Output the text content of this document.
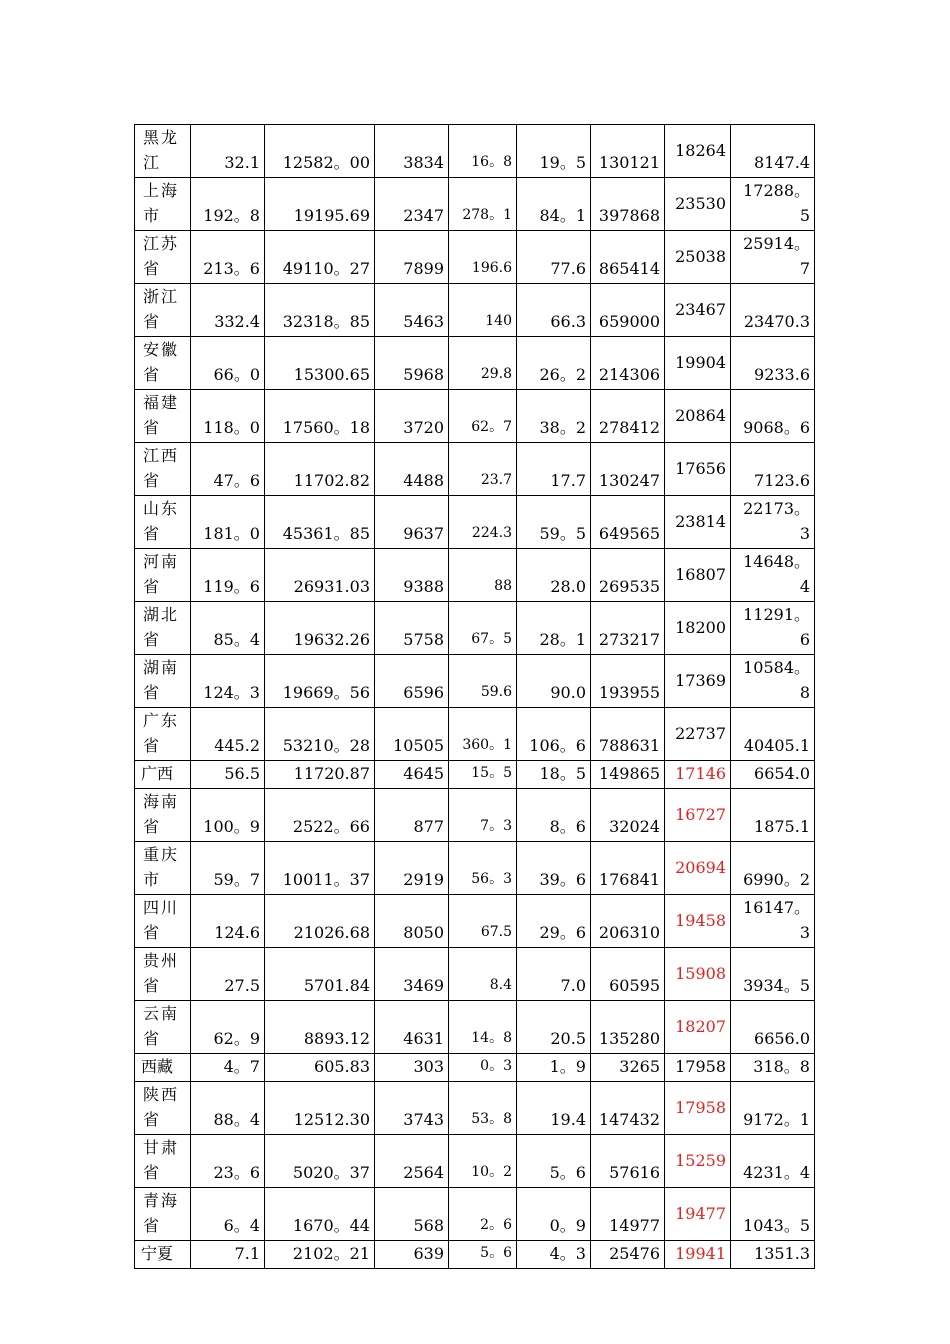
黑龙江	32.1	12582。00	3834	16。8	19。5	130121	18264	8147.4
上海市	192。8	19195.69	2347	278。1	84。1	397868	23530	17288。5
江苏省	213。6	49110。27	7899	196.6	77.6	865414	25038	25914。7
浙江省	332.4	32318。85	5463	140	66.3	659000	23467	23470.3
安徽省	66。0	15300.65	5968	29.8	26。2	214306	19904	9233.6
福建省	118。0	17560。18	3720	62。7	38。2	278412	20864	9068。6
江西省	47。6	11702.82	4488	23.7	17.7	130247	17656	7123.6
山东省	181。0	45361。85	9637	224.3	59。5	649565	23814	22173。3
河南省	119。6	26931.03	9388	88	28.0	269535	16807	14648。4
湖北省	85。4	19632.26	5758	67。5	28。1	273217	18200	11291。6
湖南省	124。3	19669。56	6596	59.6	90.0	193955	17369	10584。8
广东省	445.2	53210。28	10505	360。1	106。6	788631	22737	40405.1
广西	56.5	11720.87	4645	15。5	18。5	149865	17146	6654.0
海南省	100。9	2522。66	877	7。3	8。6	32024	16727	1875.1
重庆市	59。7	10011。37	2919	56。3	39。6	176841	20694	6990。2
四川省	124.6	21026.68	8050	67.5	29。6	206310	19458	16147。3
贵州省	27.5	5701.84	3469	8.4	7.0	60595	15908	3934。5
云南省	62。9	8893.12	4631	14。8	20.5	135280	18207	6656.0
西藏	4。7	605.83	303	0。3	1。9	3265	17958	318。8
陕西省	88。4	12512.30	3743	53。8	19.4	147432	17958	9172。1
甘肃省	23。6	5020。37	2564	10。2	5。6	57616	15259	4231。4
青海省	6。4	1670。44	568	2。6	0。9	14977	19477	1043。5
宁夏	7.1	2102。21	639	5。6	4。3	25476	19941	1351.3
